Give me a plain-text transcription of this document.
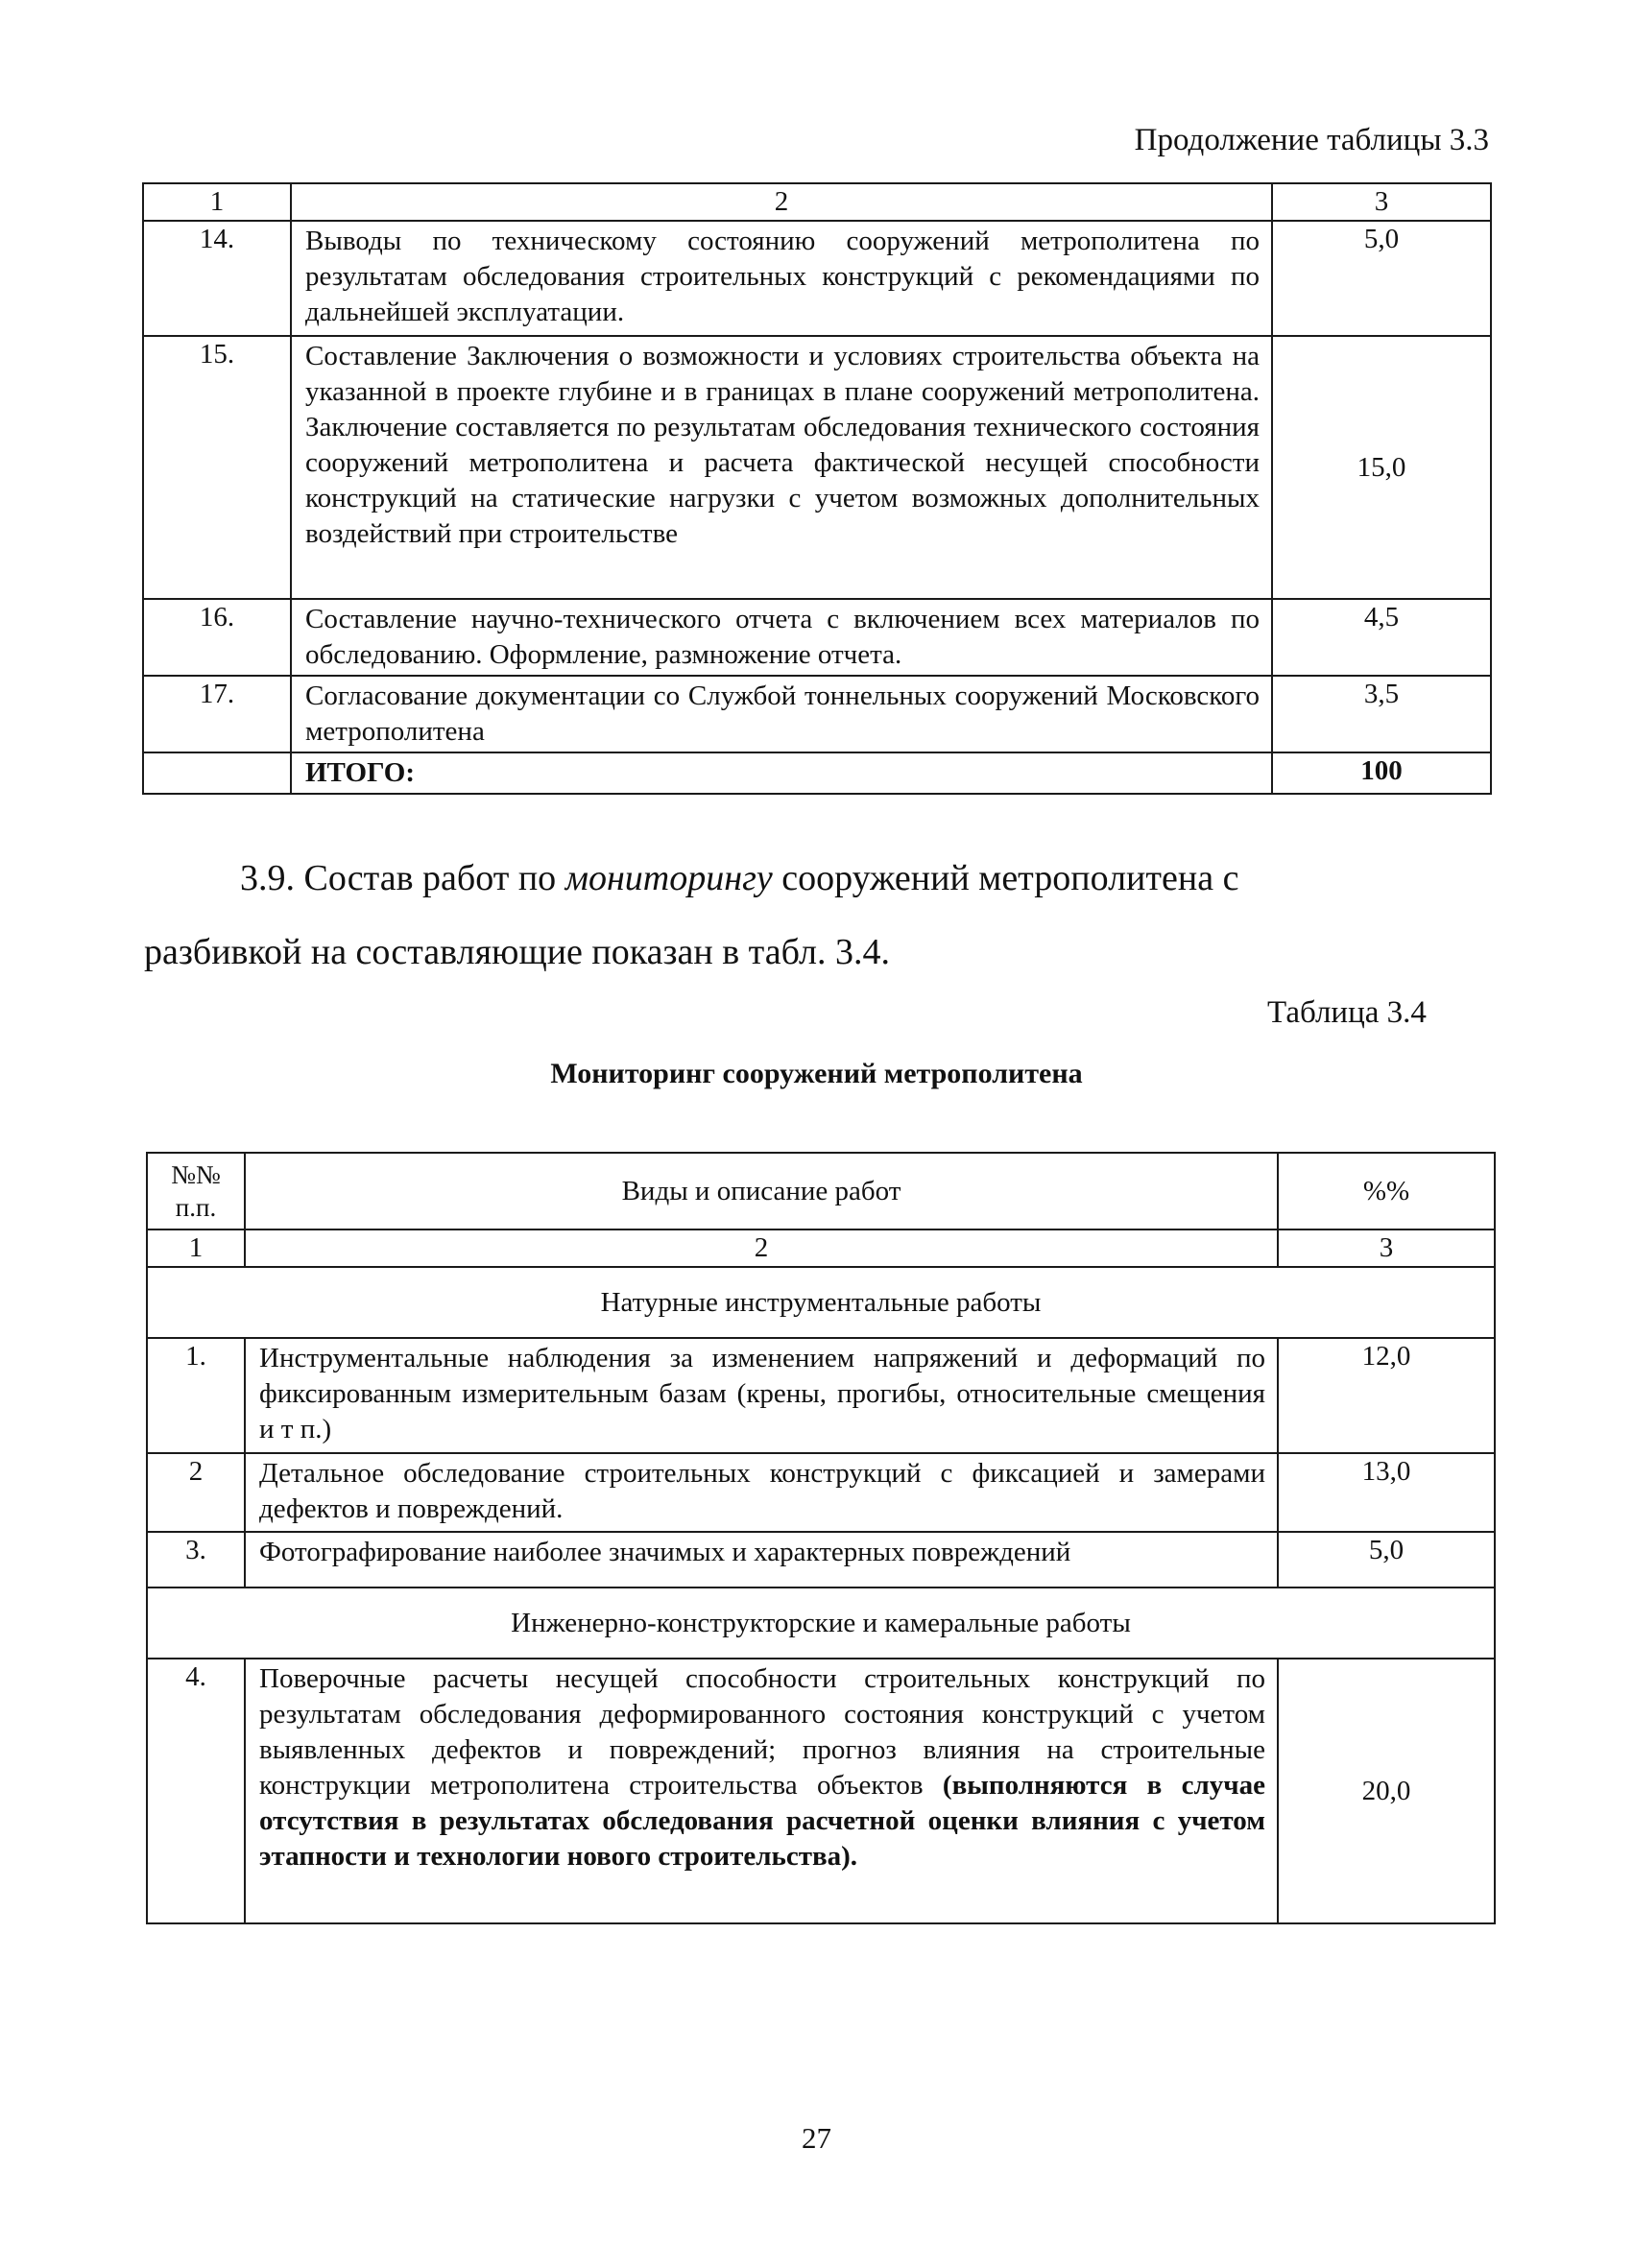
Продолжение таблицы 3.3
1	2	3
14.	Выводы по техническому состоянию сооружений метрополитена по результатам обследования строительных конструкций с рекомендациями по дальнейшей эксплуатации.	5,0
15.	Составление Заключения о возможности и условиях строительства объекта на указанной в проекте глубине и в границах в плане сооружений метрополитена. Заключение составляется по результатам обследования технического состояния сооружений метрополитена и расчета фактической несущей способности конструкций на статические нагрузки с учетом возможных дополнительных воздействий при строительстве	15,0
16.	Составление научно-технического отчета с включением всех материалов по обследованию. Оформление, размножение отчета.	4,5
17.	Согласование документации со Службой тоннельных сооружений Московского метрополитена	3,5
	ИТОГО:	100
3.9. Состав работ по мониторингу сооружений метрополитена с
разбивкой на составляющие показан в табл. 3.4.
Таблица 3.4
Мониторинг сооружений метрополитена
№№ п.п.	Виды и описание работ	%%
1	2	3
Натурные инструментальные работы		
1.	Инструментальные наблюдения за изменением напряжений и деформаций по фиксированным измерительным базам (крены, прогибы, относительные смещения и т п.)	12,0
2	Детальное обследование строительных конструкций с фиксацией и замерами дефектов и повреждений.	13,0
3.	Фотографирование наиболее значимых и характерных повреждений	5,0
Инженерно-конструкторские и камеральные работы		
4.	Поверочные расчеты несущей способности строительных конструкций по результатам обследования деформированного состояния конструкций с учетом выявленных дефектов и повреждений; прогноз влияния на строительные конструкции метрополитена строительства объектов (выполняются в случае отсутствия в результатах обследования расчетной оценки влияния с учетом этапности и технологии нового строительства).	20,0
27
